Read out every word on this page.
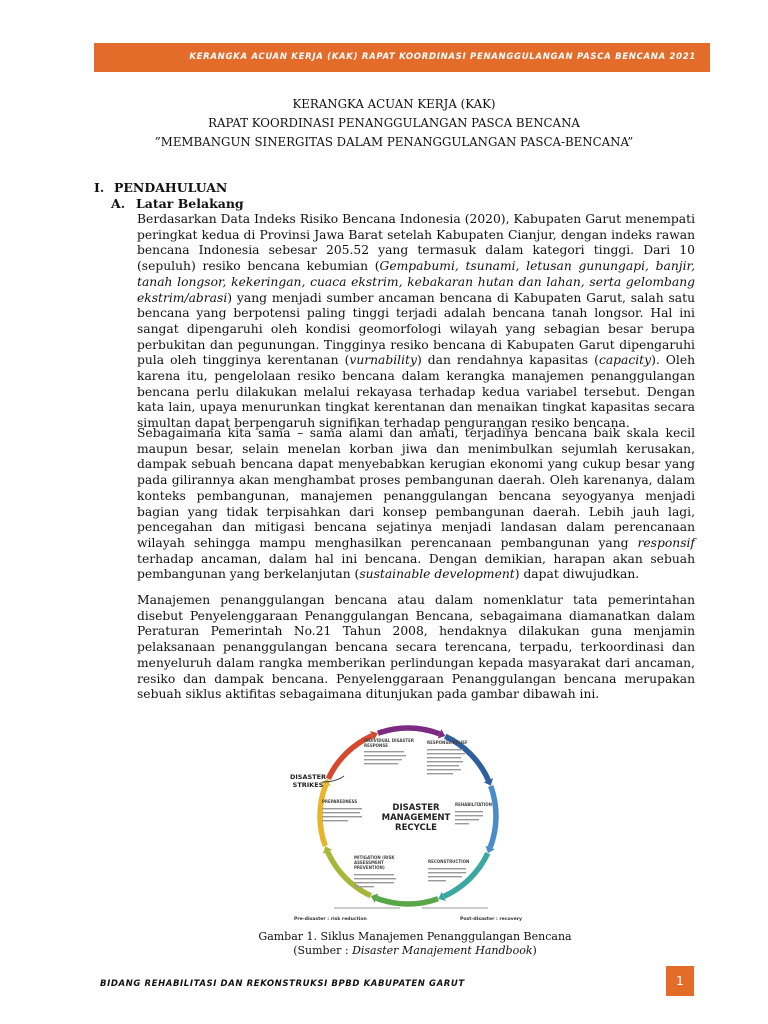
KERANGKA ACUAN KERJA (KAK) RAPAT KOORDINASI PENANGGULANGAN PASCA BENCANA 2021
KERANGKA ACUAN KERJA (KAK)
RAPAT KOORDINASI PENANGGULANGAN PASCA BENCANA
”MEMBANGUN SINERGITAS DALAM PENANGGULANGAN PASCA-BENCANA”
I. PENDAHULUAN
A. Latar Belakang

Berdasarkan Data Indeks Risiko Bencana Indonesia (2020), Kabupaten Garut menempati peringkat kedua di Provinsi Jawa Barat setelah Kabupaten Cianjur, dengan indeks rawan bencana Indonesia sebesar 205.52 yang termasuk dalam kategori tinggi. Dari 10 (sepuluh) resiko bencana kebumian (Gempabumi, tsunami, letusan gunungapi, banjir, tanah longsor, kekeringan, cuaca ekstrim, kebakaran hutan dan lahan, serta gelombang ekstrim/abrasi) yang menjadi sumber ancaman bencana di Kabupaten Garut, salah satu bencana yang berpotensi paling tinggi terjadi adalah bencana tanah longsor. Hal ini sangat dipengaruhi oleh kondisi geomorfologi wilayah yang sebagian besar berupa perbukitan dan pegunungan. Tingginya resiko bencana di Kabupaten Garut dipengaruhi pula oleh tingginya kerentanan (vurnability) dan rendahnya kapasitas (capacity). Oleh karena itu, pengelolaan resiko bencana dalam kerangka manajemen penanggulangan bencana perlu dilakukan melalui rekayasa terhadap kedua variabel tersebut. Dengan kata lain, upaya menurunkan tingkat kerentanan dan menaikan tingkat kapasitas secara simultan dapat berpengaruh signifikan terhadap pengurangan resiko bencana.

Sebagaimana kita sama – sama alami dan amati, terjadinya bencana baik skala kecil maupun besar, selain menelan korban jiwa dan menimbulkan sejumlah kerusakan, dampak sebuah bencana dapat menyebabkan kerugian ekonomi yang cukup besar yang pada gilirannya akan menghambat proses pembangunan daerah. Oleh karenanya, dalam konteks pembangunan, manajemen penanggulangan bencana seyogyanya menjadi bagian yang tidak terpisahkan dari konsep pembangunan daerah. Lebih jauh lagi, pencegahan dan mitigasi bencana sejatinya menjadi landasan dalam perencanaan wilayah sehingga mampu menghasilkan perencanaan pembangunan yang responsif terhadap ancaman, dalam hal ini bencana. Dengan demikian, harapan akan sebuah pembangunan yang berkelanjutan (sustainable development) dapat diwujudkan.

Manajemen penanggulangan bencana atau dalam nomenklatur tata pemerintahan disebut Penyelenggaraan Penanggulangan Bencana, sebagaimana diamanatkan dalam Peraturan Pemerintah No.21 Tahun 2008, hendaknya dilakukan guna menjamin pelaksanaan penanggulangan bencana secara terencana, terpadu, terkoordinasi dan menyeluruh dalam rangka memberikan perlindungan kepada masyarakat dari ancaman, resiko dan dampak bencana. Penyelenggaraan Penanggulangan bencana merupakan sebuah siklus aktifitas sebagaimana ditunjukan pada gambar dibawah ini.

INDIVIDUAL DISASTER
RESPONSE
RESPONSE/RELIEF
REHABILITATION
RECONSTRUCTION
MITIGATION (RISK
ASSESSMENT
PREVENTION)
PREPAREDNESS
DISASTER
MANAGEMENT
RECYCLE
DISASTER
STRIKES
Pre-disaster : risk reduction	Post-disaster : recovery
Gambar 1. Siklus Manajemen Penanggulangan Bencana
(Sumber : Disaster Manajement Handbook)
BIDANG REHABILITASI DAN REKONSTRUKSI BPBD KABUPATEN GARUT	1
